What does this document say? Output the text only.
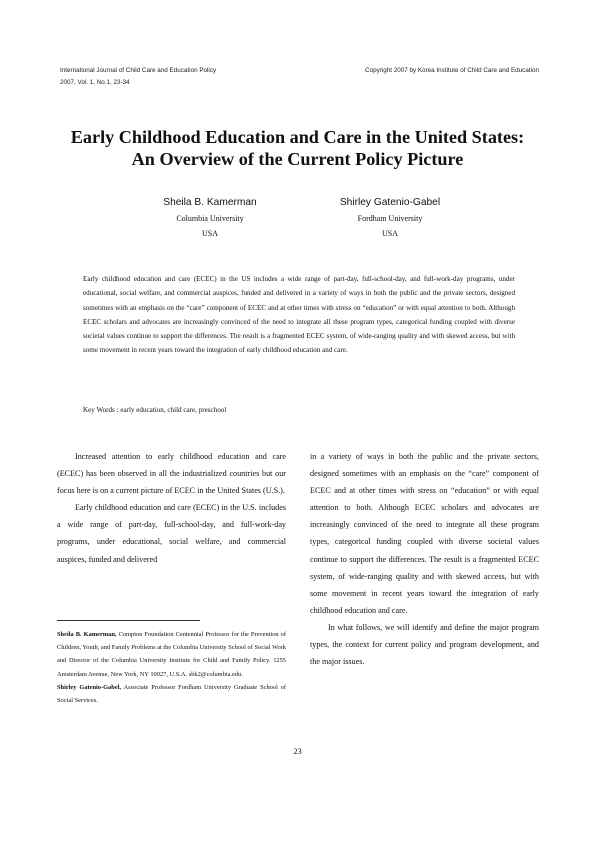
International Journal of Child Care and Education Policy
2007, Vol. 1, No.1, 23-34
Copyright 2007 by Korea Institute of Child Care and Education
Early Childhood Education and Care in the United States:
An Overview of the Current Policy Picture
Sheila B. Kamerman
Columbia University
USA
Shirley Gatenio-Gabel
Fordham University
USA

Early childhood education and care (ECEC) in the US includes a wide range of part-day, full-school-day, and full-work-day programs, under educational, social welfare, and commercial auspices, funded and delivered in a variety of ways in both the public and the private sectors, designed sometimes with an emphasis on the “care” component of ECEC and at other times with stress on “education” or with equal attention to both. Although ECEC scholars and advocates are increasingly convinced of the need to integrate all these program types, categorical funding coupled with diverse societal values continue to support the differences. The result is a fragmented ECEC system, of wide-ranging quality and with skewed access, but with some movement in recent years toward the integration of early childhood education and care.

Key Words : early education, child care, preschool

Increased attention to early childhood education and care (ECEC) has been observed in all the industrialized countries but our focus here is on a current picture of ECEC in the United States (U.S.).

Early childhood education and care (ECEC) in the U.S. includes a wide range of part-day, full-school-day, and full-work-day programs, under educational, social welfare, and commercial auspices, funded and delivered

in a variety of ways in both the public and the private sectors, designed sometimes with an emphasis on the “care” component of ECEC and at other times with stress on “education” or with equal attention to both. Although ECEC scholars and advocates are increasingly convinced of the need to integrate all these program types, categorical funding coupled with diverse societal values continue to support the differences. The result is a fragmented ECEC system, of wide-ranging quality and with skewed access, but with some movement in recent years toward the integration of early childhood education and care.

In what follows, we will identify and define the major program types, the context for current policy and program development, and the major issues.

Sheila B. Kamerman, Compton Foundation Centennial Professor for the Prevention of Children, Youth, and Family Problems at the Columbia University School of Social Work and Director of the Columbia University Institute for Child and Family Policy. 1255 Amsterdam Avenue, New York, NY 10027, U.S.A. sbk2@columbia.edu.

Shirley Gatenio-Gabel, Associate Professor Fordham University Graduate School of Social Services.

23
